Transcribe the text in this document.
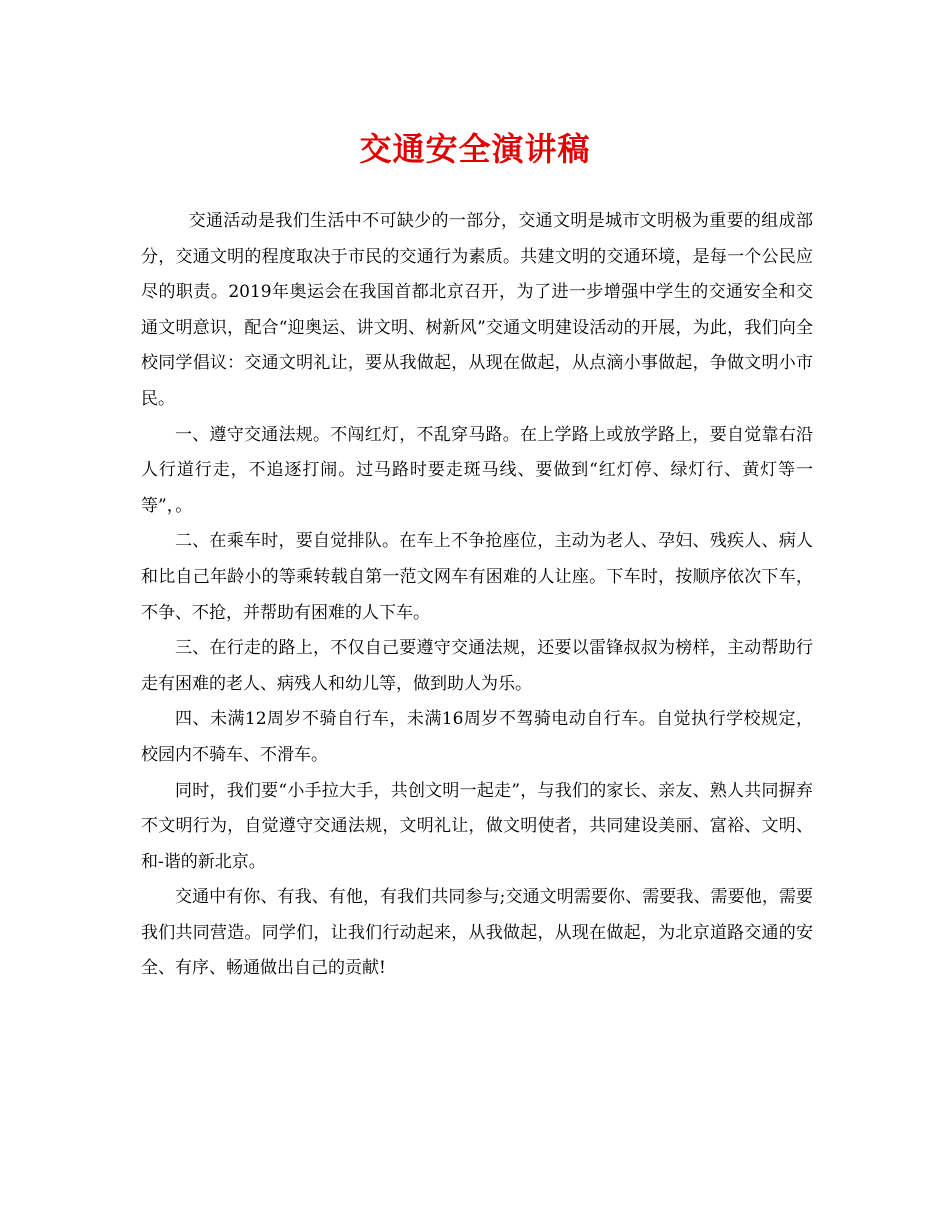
交通安全演讲稿

交通活动是我们生活中不可缺少的一部分，交通文明是城市文明极为重要的组成部分，交通文明的程度取决于市民的交通行为素质。共建文明的交通环境，是每一个公民应尽的职责。2019年奥运会在我国首都北京召开，为了进一步增强中学生的交通安全和交通文明意识，配合“迎奥运、讲文明、树新风”交通文明建设活动的开展，为此，我们向全校同学倡议：交通文明礼让，要从我做起，从现在做起，从点滴小事做起，争做文明小市民。

一、遵守交通法规。不闯红灯，不乱穿马路。在上学路上或放学路上，要自觉靠右沿人行道行走，不追逐打闹。过马路时要走斑马线、要做到“红灯停、绿灯行、黄灯等一等”，。

二、在乘车时，要自觉排队。在车上不争抢座位，主动为老人、孕妇、残疾人、病人和比自己年龄小的等乘转载自第一范文网车有困难的人让座。下车时，按顺序依次下车，不争、不抢，并帮助有困难的人下车。

三、在行走的路上，不仅自己要遵守交通法规，还要以雷锋叔叔为榜样，主动帮助行走有困难的老人、病残人和幼儿等，做到助人为乐。

四、未满12周岁不骑自行车，未满16周岁不驾骑电动自行车。自觉执行学校规定，校园内不骑车、不滑车。

同时，我们要“小手拉大手，共创文明一起走”，与我们的家长、亲友、熟人共同摒弃不文明行为，自觉遵守交通法规，文明礼让，做文明使者，共同建设美丽、富裕、文明、和-谐的新北京。

交通中有你、有我、有他，有我们共同参与;交通文明需要你、需要我、需要他，需要我们共同营造。同学们，让我们行动起来，从我做起，从现在做起，为北京道路交通的安全、有序、畅通做出自己的贡献!
